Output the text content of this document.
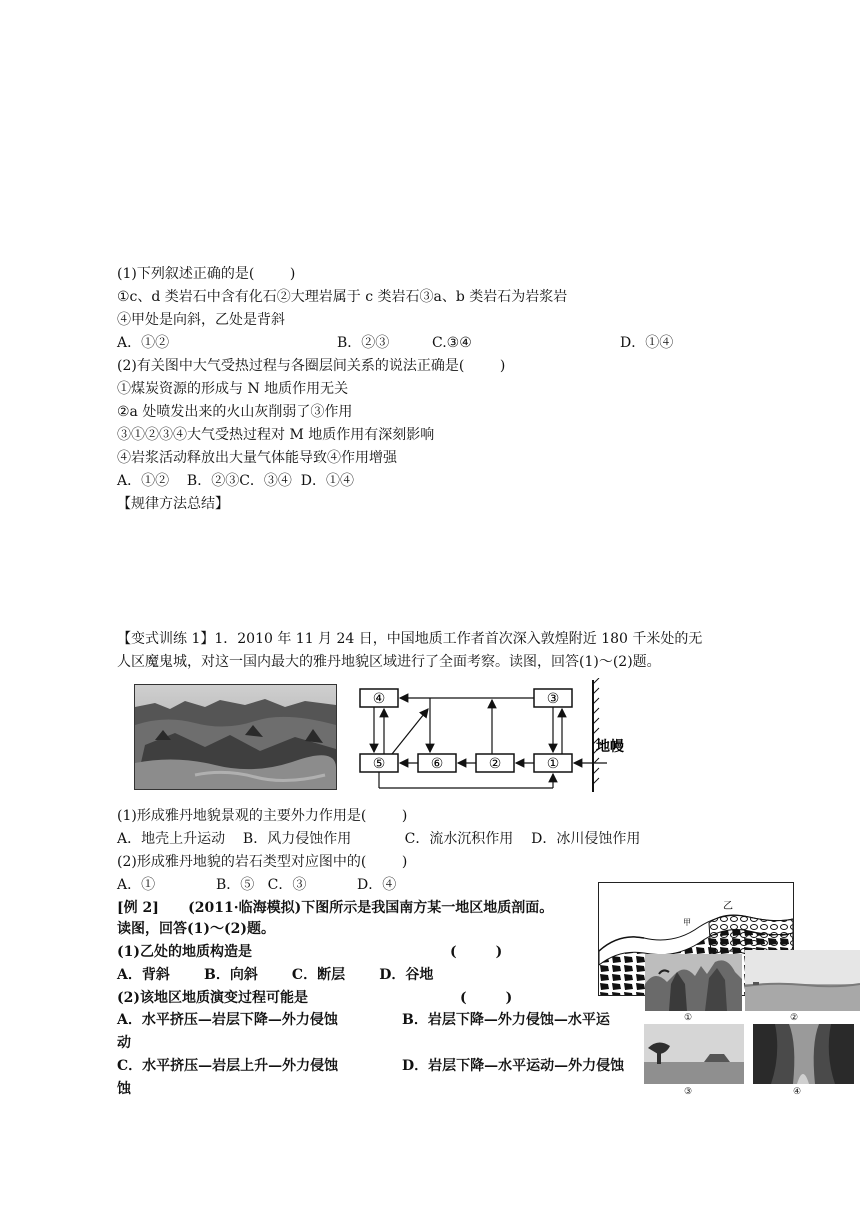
(1)下列叙述正确的是(        )
①c、d 类岩石中含有化石②大理岩属于 c 类岩石③a、b 类岩石为岩浆岩
④甲处是向斜，乙处是背斜
A．①②	B．②③	C.③④	D．①④
(2)有关图中大气受热过程与各圈层间关系的说法正确是(        )
①煤炭资源的形成与 N 地质作用无关
②a 处喷发出来的火山灰削弱了③作用
③①②③④大气受热过程对 M 地质作用有深刻影响
④岩浆活动释放出大量气体能导致④作用增强
A．①②    B．②③C．③④  D．①④
【规律方法总结】
【变式训练 1】1．2010 年 11 月 24 日，中国地质工作者首次深入敦煌附近 180 千米处的无
人区魔鬼城，对这一国内最大的雅丹地貌区域进行了全面考察。读图，回答(1)～(2)题。
④	③
⑤	⑥	②	①
地幔
(1)形成雅丹地貌景观的主要外力作用是(        )
A．地壳上升运动    B．风力侵蚀作用            C．流水沉积作用    D．冰川侵蚀作用
(2)形成雅丹地貌的岩石类型对应图中的(        )
A．①	B．⑤   C．③	D．④
[例 2]      (2011·临海模拟)下图所示是我国南方某一地区地质剖面。
读图，回答(1)～(2)题。
(1)乙处的地质构造是	(        )
A．背斜       B．向斜       C．断层       D．谷地
(2)该地区地质演变过程可能是	(        )
A．水平挤压—岩层下降—外力侵蚀	B．岩层下降—外力侵蚀—水平运
动
C．水平挤压—岩层上升—外力侵蚀	D．岩层下降—水平运动—外力侵蚀
蚀
乙
甲
①	②
③	④
